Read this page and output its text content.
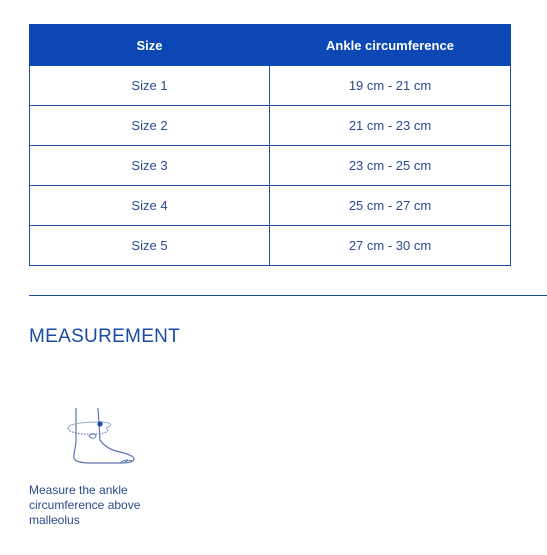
Size	Ankle circumference
Size 1	19 cm - 21 cm
Size 2	21 cm - 23 cm
Size 3	23 cm - 25 cm
Size 4	25 cm - 27 cm
Size 5	27 cm - 30 cm
MEASUREMENT

Measure the ankle circumference above malleolus
